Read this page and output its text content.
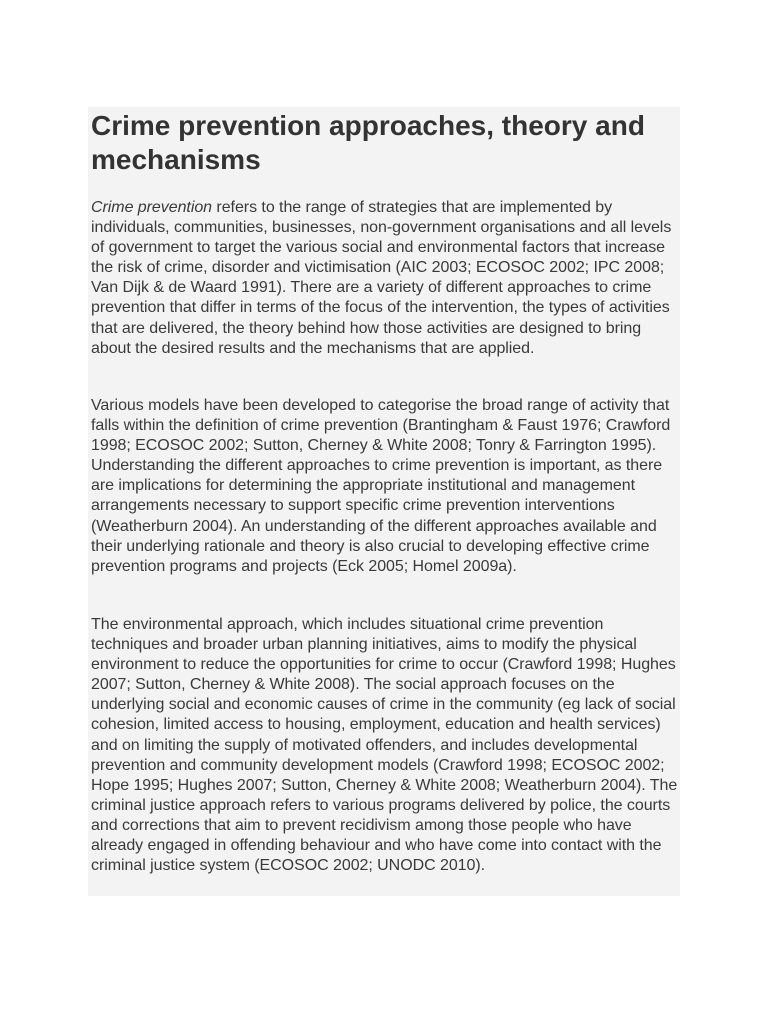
Crime prevention approaches, theory and mechanisms

Crime prevention refers to the range of strategies that are implemented by individuals, communities, businesses, non-government organisations and all levels of government to target the various social and environmental factors that increase the risk of crime, disorder and victimisation (AIC 2003; ECOSOC 2002; IPC 2008; Van Dijk & de Waard 1991). There are a variety of different approaches to crime prevention that differ in terms of the focus of the intervention, the types of activities that are delivered, the theory behind how those activities are designed to bring about the desired results and the mechanisms that are applied.

Various models have been developed to categorise the broad range of activity that falls within the definition of crime prevention (Brantingham & Faust 1976; Crawford 1998; ECOSOC 2002; Sutton, Cherney & White 2008; Tonry & Farrington 1995). Understanding the different approaches to crime prevention is important, as there are implications for determining the appropriate institutional and management arrangements necessary to support specific crime prevention interventions (Weatherburn 2004). An understanding of the different approaches available and their underlying rationale and theory is also crucial to developing effective crime prevention programs and projects (Eck 2005; Homel 2009a).

The environmental approach, which includes situational crime prevention techniques and broader urban planning initiatives, aims to modify the physical environment to reduce the opportunities for crime to occur (Crawford 1998; Hughes 2007; Sutton, Cherney & White 2008). The social approach focuses on the underlying social and economic causes of crime in the community (eg lack of social cohesion, limited access to housing, employment, education and health services) and on limiting the supply of motivated offenders, and includes developmental prevention and community development models (Crawford 1998; ECOSOC 2002; Hope 1995; Hughes 2007; Sutton, Cherney & White 2008; Weatherburn 2004). The criminal justice approach refers to various programs delivered by police, the courts and corrections that aim to prevent recidivism among those people who have already engaged in offending behaviour and who have come into contact with the criminal justice system (ECOSOC 2002; UNODC 2010).
